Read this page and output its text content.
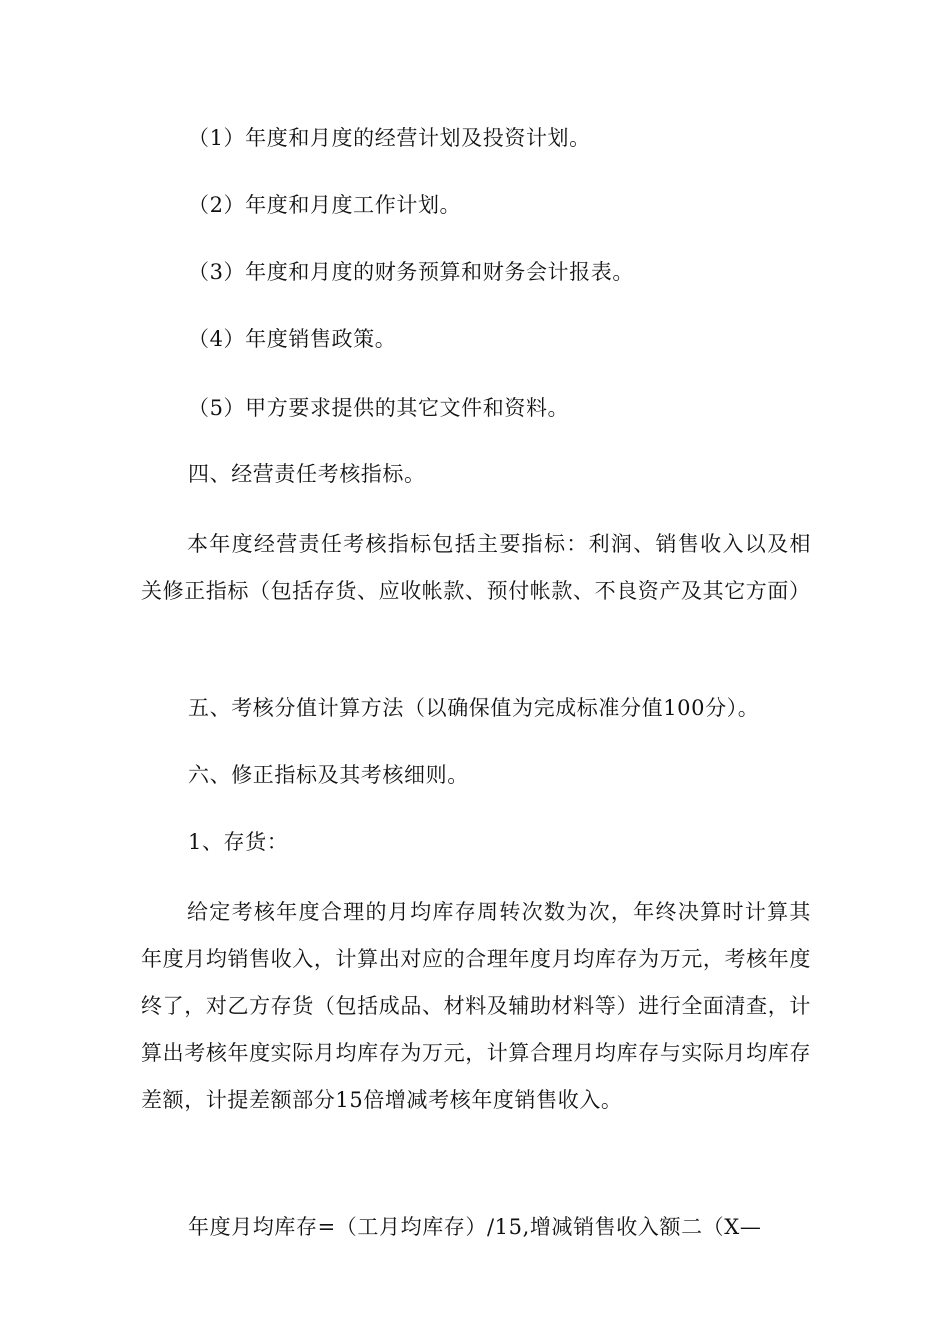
（1）年度和月度的经营计划及投资计划。
（2）年度和月度工作计划。
（3）年度和月度的财务预算和财务会计报表。
（4）年度销售政策。
（5）甲方要求提供的其它文件和资料。
四、经营责任考核指标。
本年度经营责任考核指标包括主要指标：利润、销售收入以及相关修正指标（包括存货、应收帐款、预付帐款、不良资产及其它方面）
五、考核分值计算方法（以确保值为完成标准分值100分）。
六、修正指标及其考核细则。
1、存货：
给定考核年度合理的月均库存周转次数为次，年终决算时计算其年度月均销售收入，计算出对应的合理年度月均库存为万元，考核年度终了，对乙方存货（包括成品、材料及辅助材料等）进行全面清查，计算出考核年度实际月均库存为万元，计算合理月均库存与实际月均库存差额，计提差额部分15倍增减考核年度销售收入。
年度月均库存=（工月均库存）/15,增减销售收入额二（X—
